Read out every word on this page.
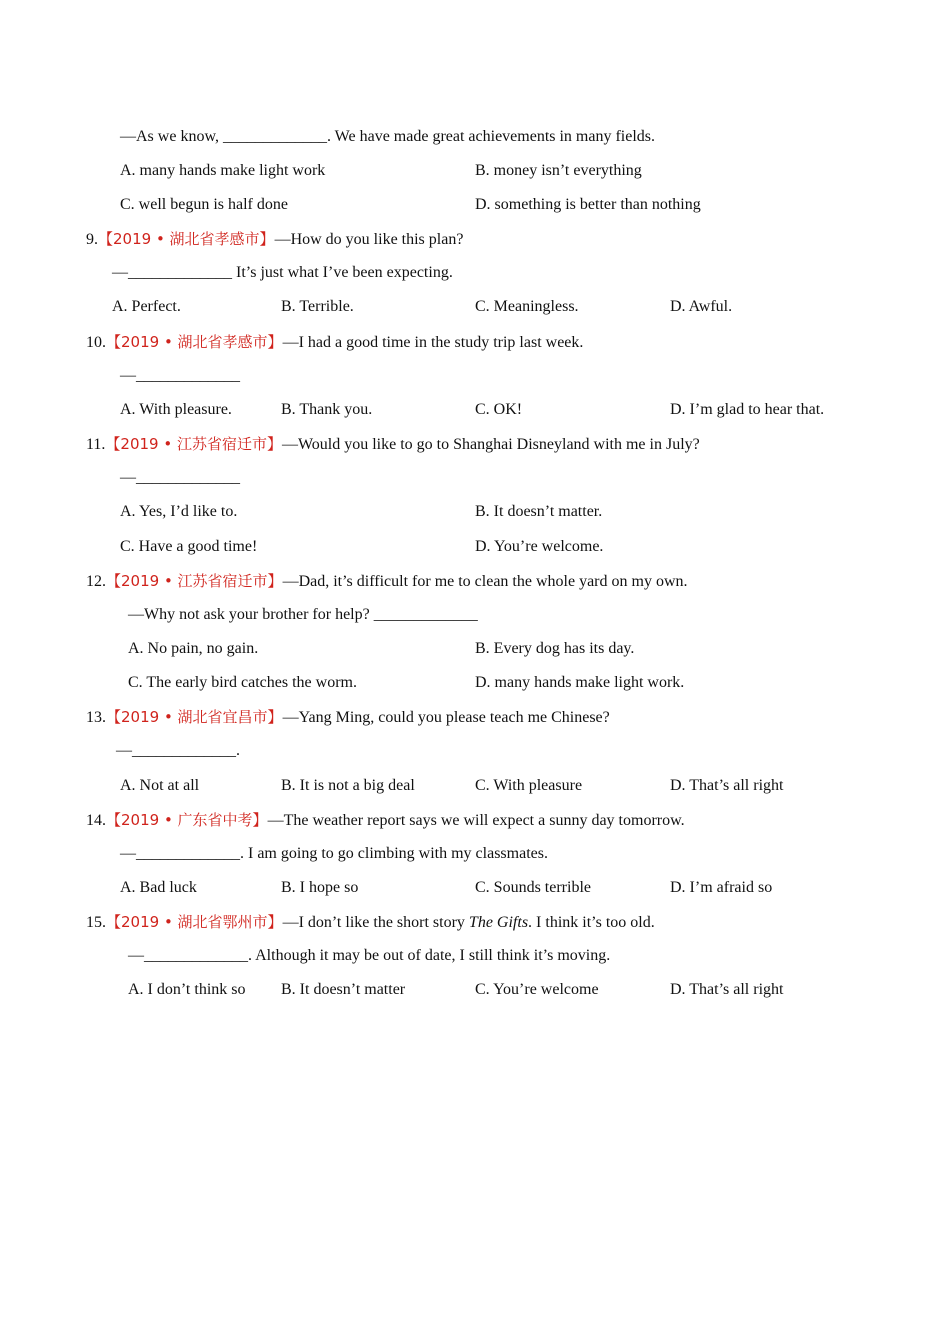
—As we know, _____________. We have made great achievements in many fields.
A. many hands make light work	B. money isn’t everything
C. well begun is half done	D. something is better than nothing
9.【2019 • 湖北省孝感市】—How do you like this plan?
—_____________ It’s just what I’ve been expecting.
A. Perfect.	B. Terrible.	C. Meaningless.	D. Awful.
10.【2019 • 湖北省孝感市】—I had a good time in the study trip last week.
—_____________
A. With pleasure.	B. Thank you.	C. OK!	D. I’m glad to hear that.
11.【2019 • 江苏省宿迁市】—Would you like to go to Shanghai Disneyland with me in July?
—_____________
A. Yes, I’d like to.	B. It doesn’t matter.
C. Have a good time!	D. You’re welcome.
12.【2019 • 江苏省宿迁市】—Dad, it’s difficult for me to clean the whole yard on my own.
—Why not ask your brother for help? _____________
A. No pain, no gain.	B. Every dog has its day.
C. The early bird catches the worm.	D. many hands make light work.
13.【2019 • 湖北省宜昌市】—Yang Ming, could you please teach me Chinese?
—_____________.
A. Not at all	B. It is not a big deal	C. With pleasure	D. That’s all right
14.【2019 • 广东省中考】—The weather report says we will expect a sunny day tomorrow.
—_____________. I am going to go climbing with my classmates.
A. Bad luck	B. I hope so	C. Sounds terrible	D. I’m afraid so
15.【2019 • 湖北省鄂州市】—I don’t like the short story The Gifts. I think it’s too old.
—_____________. Although it may be out of date, I still think it’s moving.
A. I don’t think so B. It doesn’t matter	C. You’re welcome	D. That’s all right
